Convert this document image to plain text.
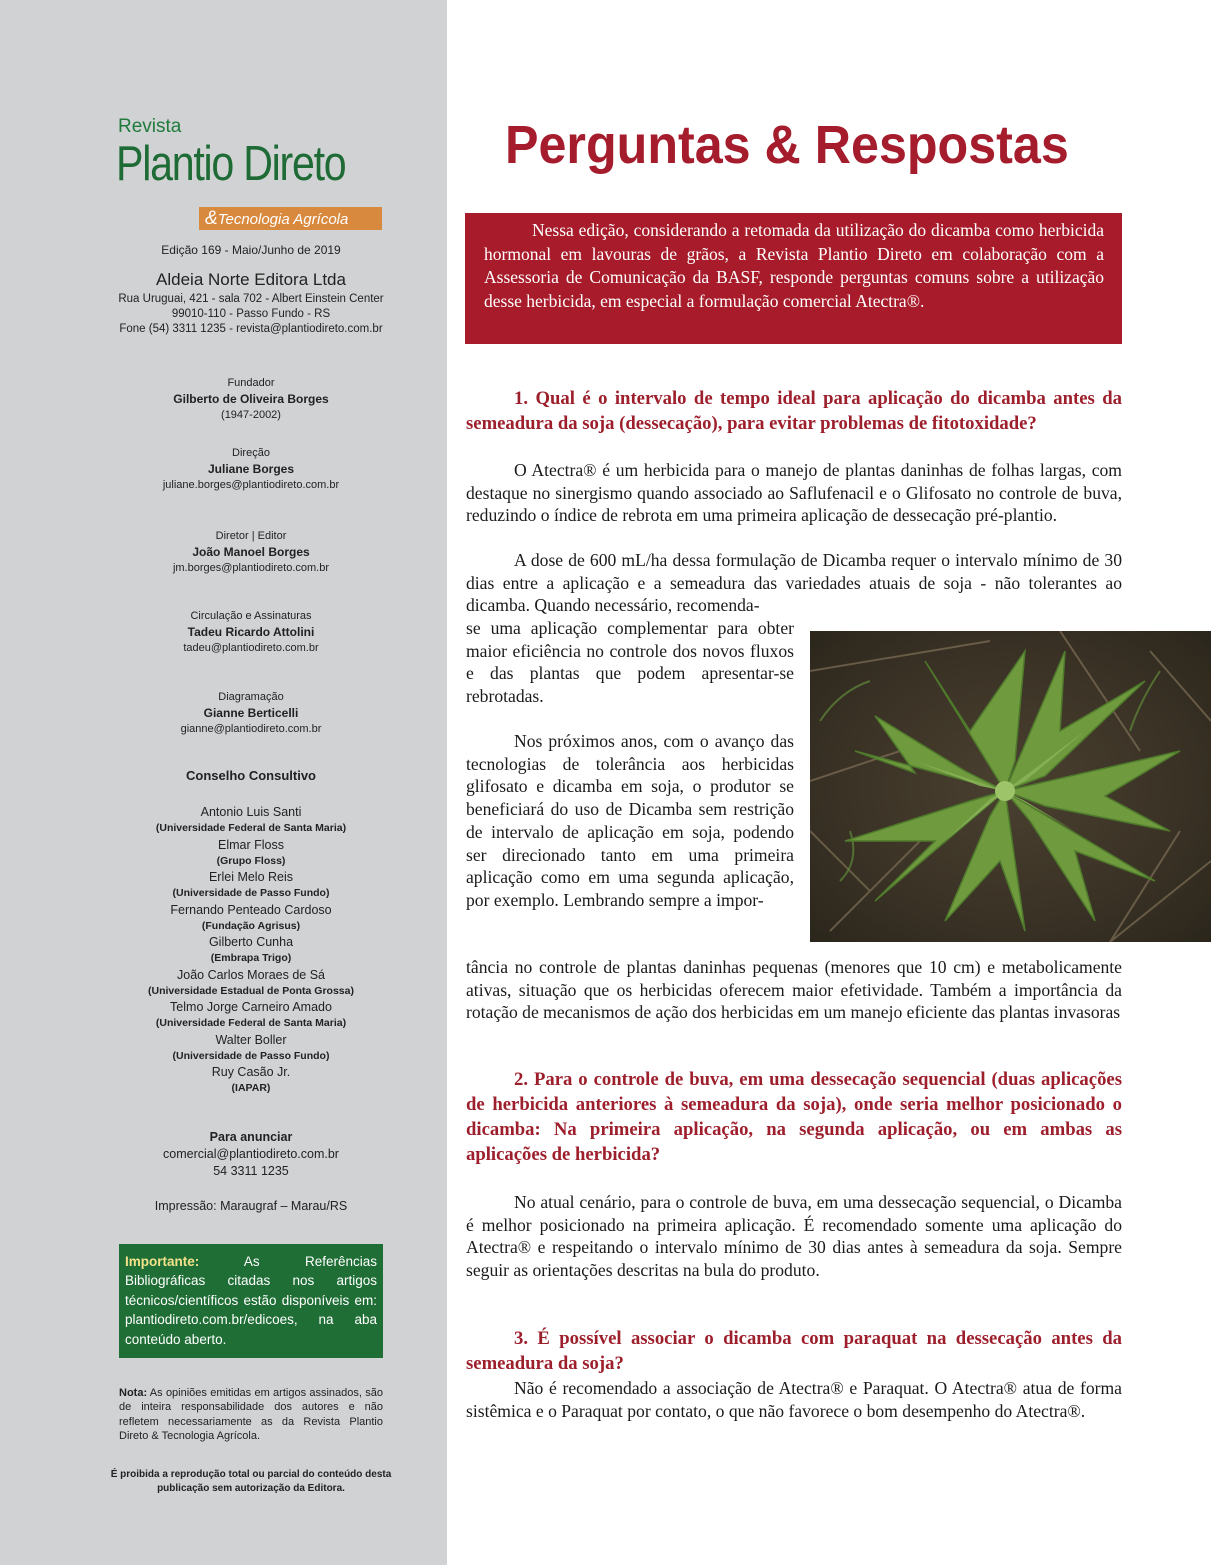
Revista
Plantio Direto
&Tecnologia Agrícola
Edição 169 - Maio/Junho de 2019
Aldeia Norte Editora Ltda
Rua Uruguai, 421 - sala 702 - Albert Einstein Center
99010-110 - Passo Fundo - RS
Fone (54) 3311 1235 - revista@plantiodireto.com.br
Fundador
Gilberto de Oliveira Borges
(1947-2002)
Direção
Juliane Borges
juliane.borges@plantiodireto.com.br
Diretor | Editor
João Manoel Borges
jm.borges@plantiodireto.com.br
Circulação e Assinaturas
Tadeu Ricardo Attolini
tadeu@plantiodireto.com.br
Diagramação
Gianne Berticelli
gianne@plantiodireto.com.br
Conselho Consultivo
Antonio Luis Santi
(Universidade Federal de Santa Maria)
Elmar Floss
(Grupo Floss)
Erlei Melo Reis
(Universidade de Passo Fundo)
Fernando Penteado Cardoso
(Fundação Agrisus)
Gilberto Cunha
(Embrapa Trigo)
João Carlos Moraes de Sá
(Universidade Estadual de Ponta Grossa)
Telmo Jorge Carneiro Amado
(Universidade Federal de Santa Maria)
Walter Boller
(Universidade de Passo Fundo)
Ruy Casão Jr.
(IAPAR)
Para anunciar
comercial@plantiodireto.com.br
54 3311 1235
Impressão: Maraugraf – Marau/RS
Importante: As Referências Bibliográficas citadas nos artigos técnicos/científicos estão disponíveis em: plantiodireto.com.br/edicoes, na aba conteúdo aberto.
Nota: As opiniões emitidas em artigos assinados, são de inteira responsabilidade dos autores e não refletem necessariamente as da Revista Plantio Direto & Tecnologia Agrícola.
É proibida a reprodução total ou parcial do conteúdo desta publicação sem autorização da Editora.
Perguntas & Respostas

Nessa edição, considerando a retomada da utilização do dicamba como herbicida hormonal em lavouras de grãos, a Revista Plantio Direto em colaboração com a Assessoria de Comunicação da BASF, responde perguntas comuns sobre a utilização desse herbicida, em especial a formulação comercial Atectra®.

1. Qual é o intervalo de tempo ideal para aplicação do dicamba antes da semeadura da soja (dessecação), para evitar problemas de fitotoxidade?

O Atectra® é um herbicida para o manejo de plantas daninhas de folhas largas, com destaque no sinergismo quando associado ao Saflufenacil e o Glifosato no controle de buva, reduzindo o índice de rebrota em uma primeira aplicação de dessecação pré-plantio.

A dose de 600 mL/ha dessa formulação de Dicamba requer o intervalo mínimo de 30 dias entre a aplicação e a semeadura das variedades atuais de soja - não tolerantes ao dicamba. Quando necessário, recomenda-

se uma aplicação complementar para obter maior eficiência no controle dos novos fluxos e das plantas que podem apresentar-se rebrotadas.

Nos próximos anos, com o avanço das tecnologias de tolerância aos herbicidas glifosato e dicamba em soja, o produtor se beneficiará do uso de Dicamba sem restrição de intervalo de aplicação em soja, podendo ser direcionado tanto em uma primeira aplicação como em uma segunda aplicação, por exemplo. Lembrando sempre a impor-

tância no controle de plantas daninhas pequenas (menores que 10 cm) e metabolicamente ativas, situação que os herbicidas oferecem maior efetividade. Também a importância da rotação de mecanismos de ação dos herbicidas em um manejo eficiente das plantas invasoras

2. Para o controle de buva, em uma dessecação sequencial (duas aplicações de herbicida anteriores à semeadura da soja), onde seria melhor posicionado o dicamba: Na primeira aplicação, na segunda aplicação, ou em ambas as aplicações de herbicida?

No atual cenário, para o controle de buva, em uma dessecação sequencial, o Dicamba é melhor posicionado na primeira aplicação. É recomendado somente uma aplicação do Atectra® e respeitando o intervalo mínimo de 30 dias antes à semeadura da soja. Sempre seguir as orientações descritas na bula do produto.

3. É possível associar o dicamba com paraquat na dessecação antes da semeadura da soja?

Não é recomendado a associação de Atectra® e Paraquat. O Atectra® atua de forma sistêmica e o Paraquat por contato, o que não favorece o bom desempenho do Atectra®.
